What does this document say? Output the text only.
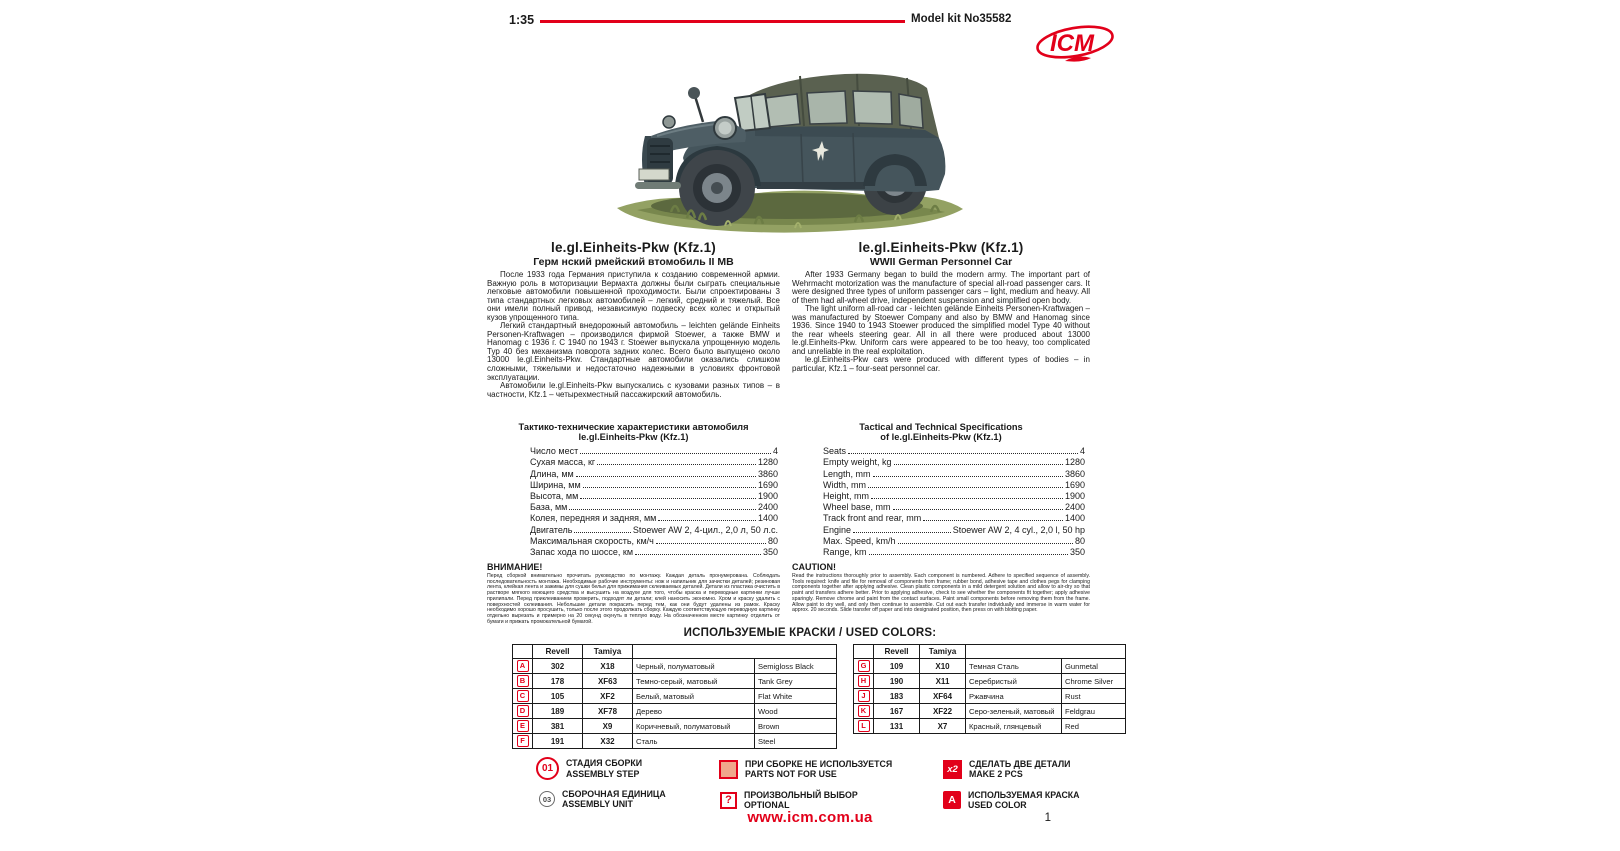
1:35	Model kit No35582
ICM
le.gl.Einheits-Pkw (Kfz.1)
Герм нский рмейский втомобиль II МВ

После 1933 года Германия приступила к созданию современной армии. Важную роль в моторизации Вермахта должны были сыграть специальные легковые автомобили повышенной проходимости. Были спроектированы 3 типа стандартных легковых автомобилей – легкий, средний и тяжелый. Все они имели полный привод, независимую подвеску всех колес и открытый кузов упрощенного типа.

Легкий стандартный внедорожный автомобиль – leichten gelände Einheits Personen-Kraftwagen – производился фирмой Stoewer, а также BMW и Hanomag с 1936 г. С 1940 по 1943 г. Stoewer выпускала упрощенную модель Тур 40 без механизма поворота задних колес. Всего было выпущено около 13000 le.gl.Einheits-Pkw. Стандартные автомобили оказались слишком сложными, тяжелыми и недостаточно надежными в условиях фронтовой эксплуатации.

Автомобили le.gl.Einheits-Pkw выпускались с кузовами разных типов – в частности, Kfz.1 – четырехместный пассажирский автомобиль.

Тактико-технические характеристики автомобиля
le.gl.Einheits-Pkw (Kfz.1)
Число мест	4
Сухая масса, кг	1280
Длина, мм	3860
Ширина, мм	1690
Высота, мм	1900
База, мм	2400
Колея, передняя и задняя, мм	1400
Двигатель	Stoewer AW 2, 4-цил., 2,0 л, 50 л.с.
Максимальная скорость, км/ч	80
Запас хода по шоссе, км	350
ВНИМАНИЕ!
Перед сборкой внимательно прочитать руководство по монтажу. Каждая деталь пронумерована. Соблюдать последовательность монтажа. Необходимые рабочие инструменты: нож и напильник для зачистки деталей; резиновая лента, клейкая лента и зажимы для сушки белья для прижимания склеиваемых деталей. Детали из пластика очистить в растворе мягкого моющего средства и высушить на воздухе для того, чтобы краска и переводные картинки лучше прилипали. Перед приклеиванием проверить, подходят ли детали; клей наносить экономно. Хром и краску удалить с поверхностей склеивания. Небольшие детали покрасить перед тем, как они будут удалены из рамок. Краску необходимо хорошо просушить, только после этого продолжать сборку. Каждую соответствующую переводную картинку отдельно вырезать и примерно на 20 секунд окунуть в теплую воду. На обозначенном месте картинку отделить от бумаги и прижать промокательной бумагой.
le.gl.Einheits-Pkw (Kfz.1)
WWII German Personnel Car

After 1933 Germany began to build the modern army. The important part of Wehrmacht motorization was the manufacture of special all-road passenger cars. It were designed three types of uniform passenger cars – light, medium and heavy. All of them had all-wheel drive, independent suspension and simplified open body.

The light uniform all-road car - leichten gelände Einheits Personen-Kraftwagen – was manufactured by Stoewer Company and also by BMW and Hanomag since 1936. Since 1940 to 1943 Stoewer produced the simplified model Type 40 without the rear wheels steering gear. All in all there were produced about 13000 le.gl.Einheits-Pkw. Uniform cars were appeared to be too heavy, too complicated and unreliable in the real exploitation.

le.gl.Einheits-Pkw cars were produced with different types of bodies – in particular, Kfz.1 – four-seat personnel car.

Tactical and Technical Specifications
of le.gl.Einheits-Pkw (Kfz.1)
Seats	4
Empty weight, kg	1280
Length, mm	3860
Width, mm	1690
Height, mm	1900
Wheel base, mm	2400
Track front and rear, mm	1400
Engine	Stoewer AW 2, 4 cyl., 2,0 l, 50 hp
Max. Speed, km/h	80
Range, km	350
CAUTION!
Read the instructions thoroughly prior to assembly. Each component is numbered. Adhere to specified sequence of assembly. Tools required: knife and file for removal of components from frame; rubber bond, adhesive tape and clothes pegs for clamping components together after applying adhesive. Clean plastic components in a mild detergent solution and allow to air-dry so that paint and transfers adhere better. Prior to applying adhesive, check to see whether the components fit together; apply adhesive sparingly. Remove chrome and paint from the contact surfaces. Paint small components before removing them from the frame. Allow paint to dry well, and only then continue to assemble. Cut out each transfer individually and immerse in warm water for approx. 20 seconds. Slide transfer off paper and into designated position, then press on with blotting paper.
ИСПОЛЬЗУЕМЫЕ КРАСКИ / USED COLORS:
	Revell	Tamiya		
A	302	X18	Черный, полуматовый	Semigloss Black
B	178	XF63	Темно-серый, матовый	Tank Grey
C	105	XF2	Белый, матовый	Flat White
D	189	XF78	Дерево	Wood
E	381	X9	Коричневый, полуматовый	Brown
F	191	X32	Сталь	Steel
	Revell	Tamiya		
G	109	X10	Темная Сталь	Gunmetal
H	190	X11	Серебристый	Chrome Silver
J	183	XF64	Ржавчина	Rust
K	167	XF22	Серо-зеленый, матовый	Feldgrau
L	131	X7	Красный, глянцевый	Red
01	СТАДИЯ СБОРКИ
ASSEMBLY STEP
03
СБОРОЧНАЯ ЕДИНИЦА
ASSEMBLY UNIT
ПРИ СБОРКЕ НЕ ИСПОЛЬЗУЕТСЯ
PARTS NOT FOR USE
?	ПРОИЗВОЛЬНЫЙ ВЫБОР
OPTIONAL
x2	СДЕЛАТЬ ДВЕ ДЕТАЛИ
MAKE 2 PCS
A	ИСПОЛЬЗУЕМАЯ КРАСКА
USED COLOR
www.icm.com.ua	1
